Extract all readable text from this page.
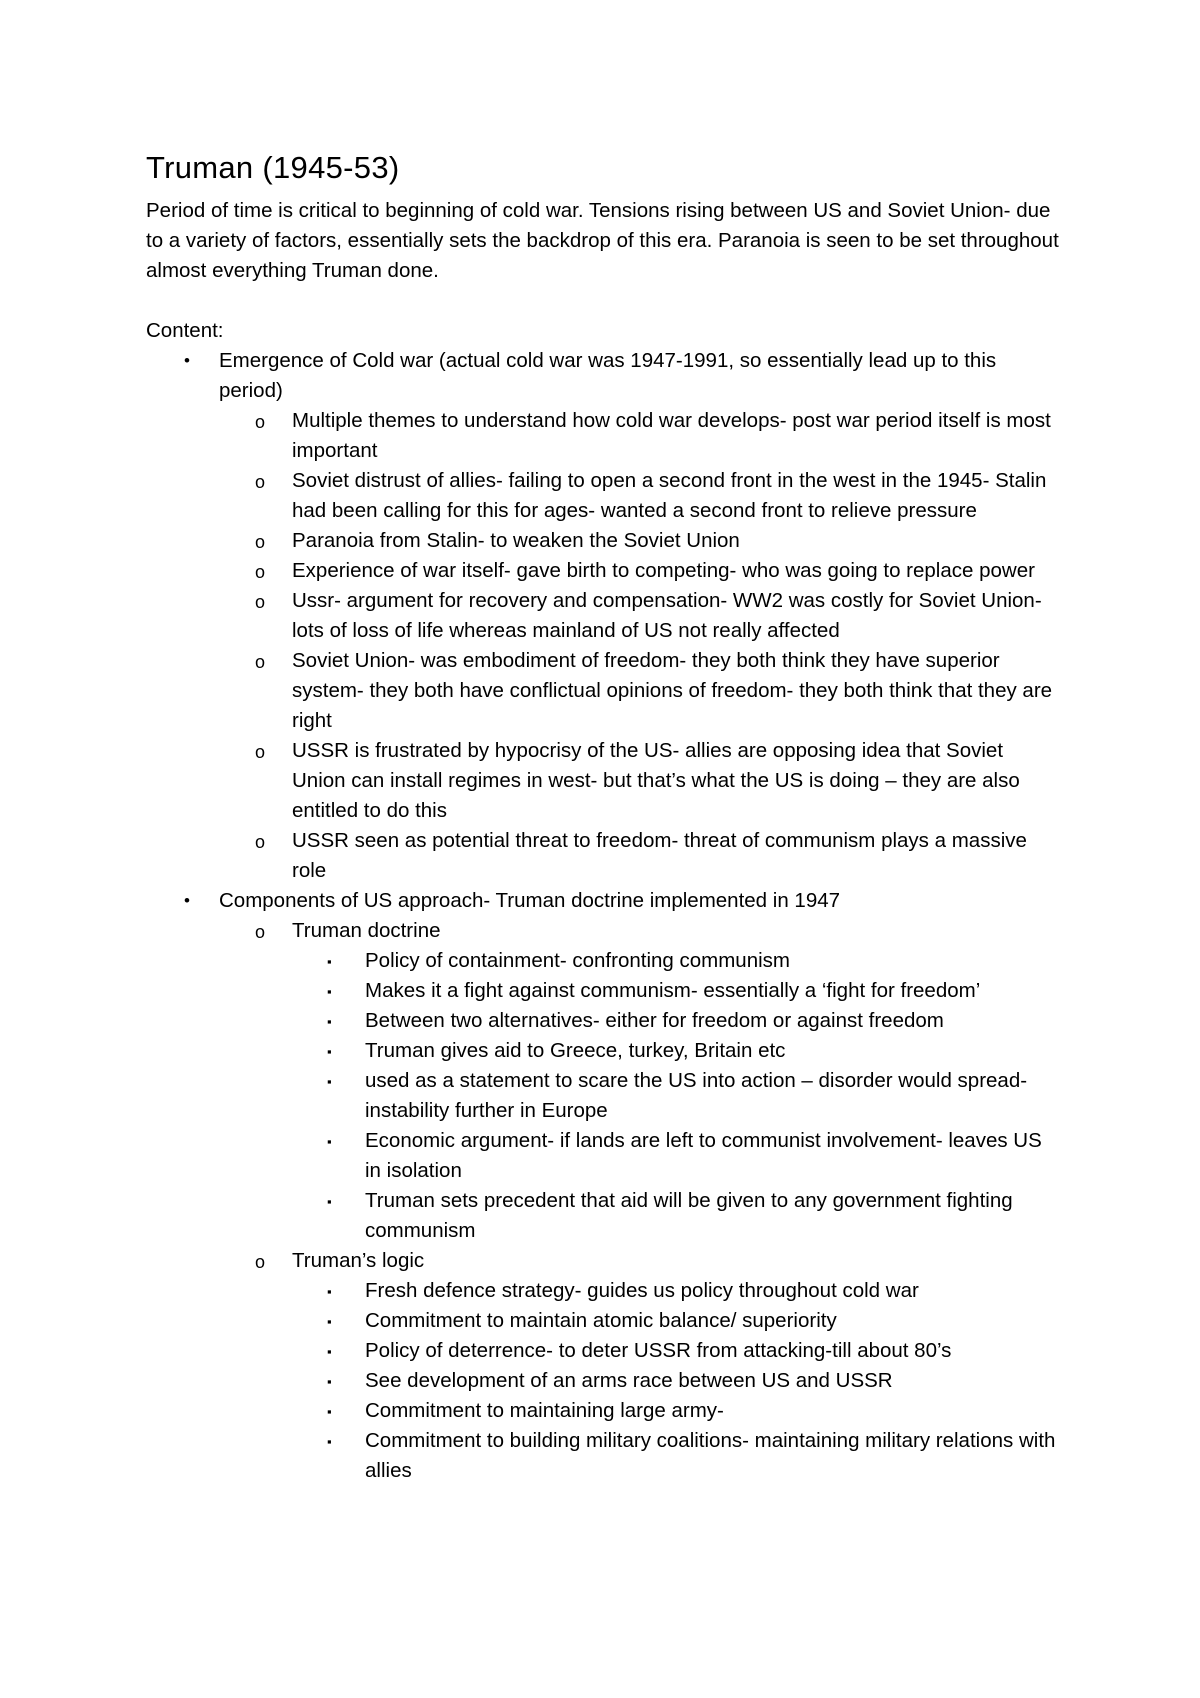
Truman (1945-53)

Period of time is critical to beginning of cold war. Tensions rising between US and Soviet Union- due to a variety of factors, essentially sets the backdrop of this era. Paranoia is seen to be set throughout almost everything Truman done.

Content:

•	Emergence of Cold war (actual cold war was 1947-1991, so essentially lead up to this period)
o	Multiple themes to understand how cold war develops- post war period itself is most important
o	Soviet distrust of allies- failing to open a second front in the west in the 1945- Stalin had been calling for this for ages- wanted a second front to relieve pressure
o	Paranoia from Stalin- to weaken the Soviet Union
o	Experience of war itself- gave birth to competing- who was going to replace power
o	Ussr- argument for recovery and compensation- WW2 was costly for Soviet Union- lots of loss of life whereas mainland of US not really affected
o	Soviet Union- was embodiment of freedom- they both think they have superior system- they both have conflictual opinions of freedom- they both think that they are right
o	USSR is frustrated by hypocrisy of the US- allies are opposing idea that Soviet Union can install regimes in west- but that’s what the US is doing – they are also entitled to do this
o	USSR seen as potential threat to freedom- threat of communism plays a massive role
•	Components of US approach- Truman doctrine implemented in 1947
o	Truman doctrine
▪	Policy of containment- confronting communism
▪	Makes it a fight against communism- essentially a ‘fight for freedom’
▪	Between two alternatives- either for freedom or against freedom
▪	Truman gives aid to Greece, turkey, Britain etc
▪	used as a statement to scare the US into action – disorder would spread- instability further in Europe
▪	Economic argument- if lands are left to communist involvement- leaves US in isolation
▪	Truman sets precedent that aid will be given to any government fighting communism
o	Truman’s logic
▪	Fresh defence strategy- guides us policy throughout cold war
▪	Commitment to maintain atomic balance/ superiority
▪	Policy of deterrence- to deter USSR from attacking-till about 80’s
▪	See development of an arms race between US and USSR
▪	Commitment to maintaining large army-
▪	Commitment to building military coalitions- maintaining military relations with allies
